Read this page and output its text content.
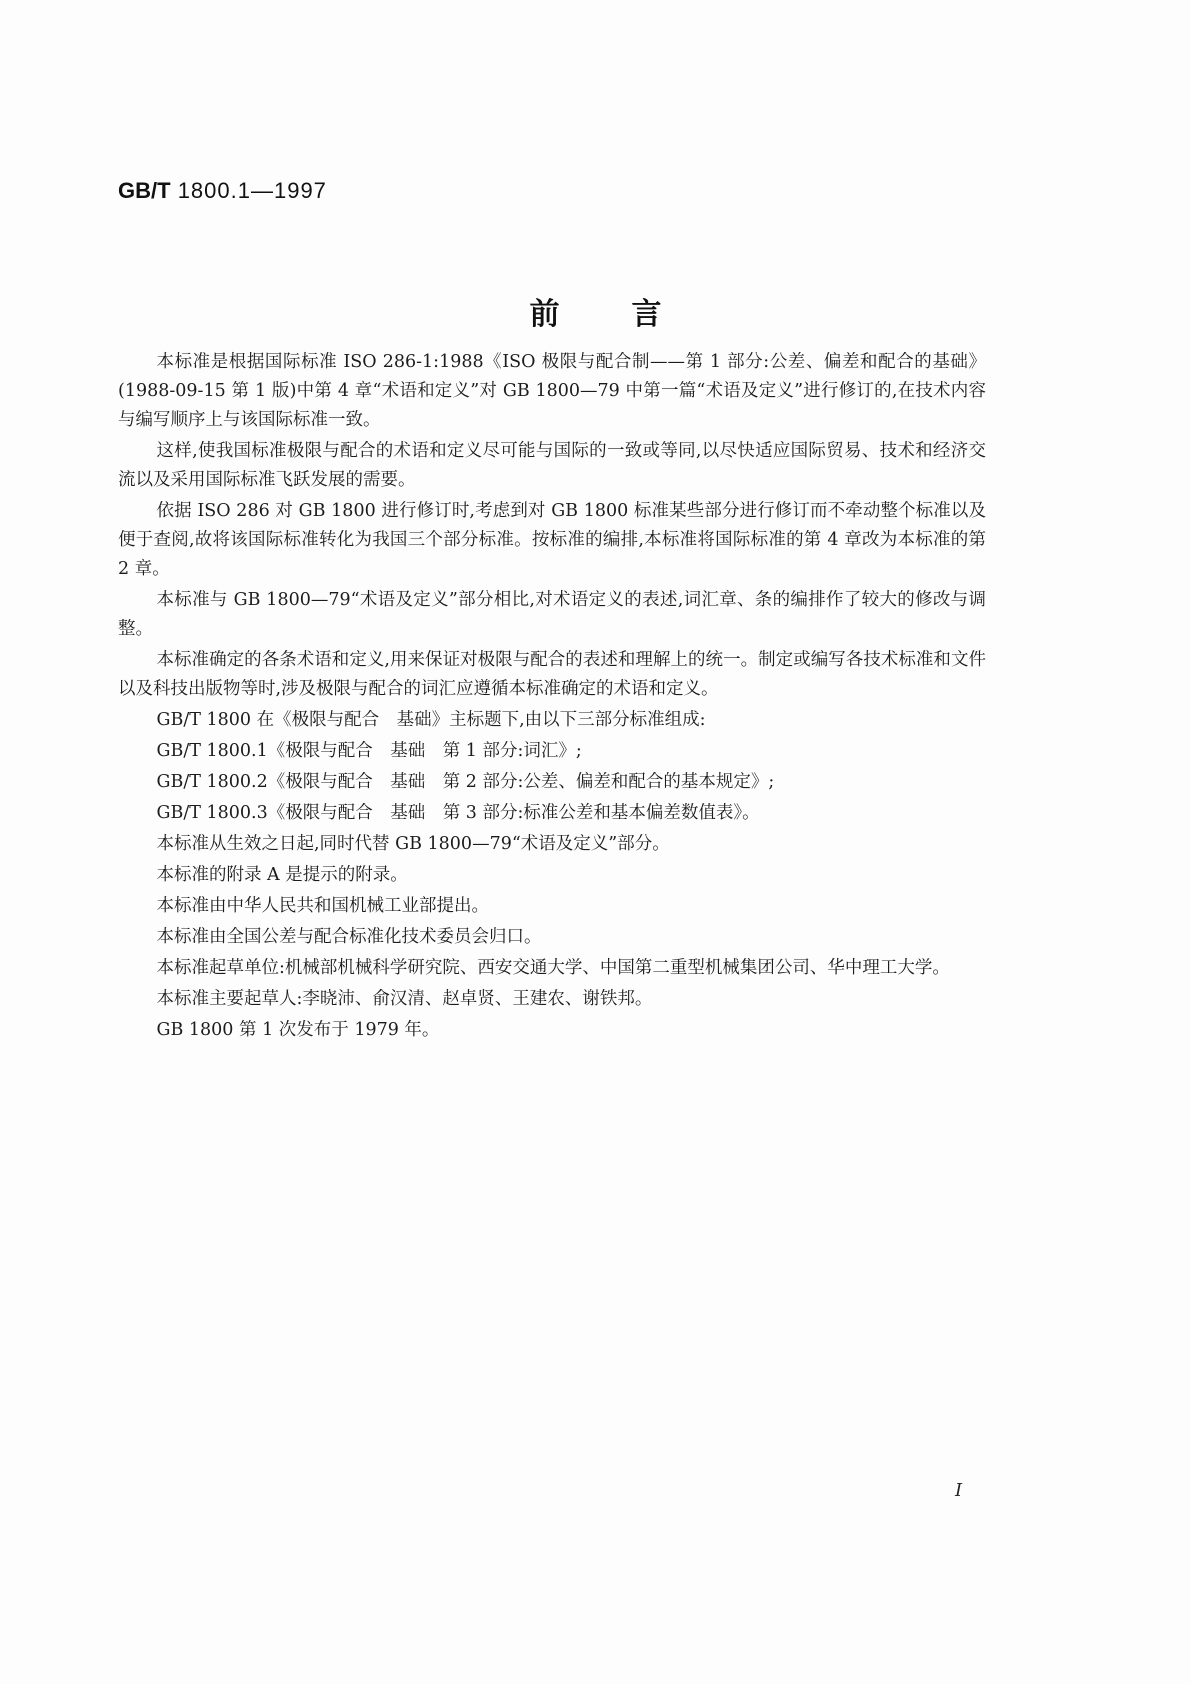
GB/T 1800.1—1997
前言

本标准是根据国际标准 ISO 286-1:1988《ISO 极限与配合制——第 1 部分:公差、偏差和配合的基础》(1988-09-15 第 1 版)中第 4 章“术语和定义”对 GB 1800—79 中第一篇“术语及定义”进行修订的,在技术内容与编写顺序上与该国际标准一致。

这样,使我国标准极限与配合的术语和定义尽可能与国际的一致或等同,以尽快适应国际贸易、技术和经济交流以及采用国际标准飞跃发展的需要。

依据 ISO 286 对 GB 1800 进行修订时,考虑到对 GB 1800 标准某些部分进行修订而不牵动整个标准以及便于查阅,故将该国际标准转化为我国三个部分标准。按标准的编排,本标准将国际标准的第 4 章改为本标准的第 2 章。

本标准与 GB 1800—79“术语及定义”部分相比,对术语定义的表述,词汇章、条的编排作了较大的修改与调整。

本标准确定的各条术语和定义,用来保证对极限与配合的表述和理解上的统一。制定或编写各技术标准和文件以及科技出版物等时,涉及极限与配合的词汇应遵循本标准确定的术语和定义。

GB/T 1800 在《极限与配合　基础》主标题下,由以下三部分标准组成:

GB/T 1800.1《极限与配合　基础　第 1 部分:词汇》;

GB/T 1800.2《极限与配合　基础　第 2 部分:公差、偏差和配合的基本规定》;

GB/T 1800.3《极限与配合　基础　第 3 部分:标准公差和基本偏差数值表》。

本标准从生效之日起,同时代替 GB 1800—79“术语及定义”部分。

本标准的附录 A 是提示的附录。

本标准由中华人民共和国机械工业部提出。

本标准由全国公差与配合标准化技术委员会归口。

本标准起草单位:机械部机械科学研究院、西安交通大学、中国第二重型机械集团公司、华中理工大学。

本标准主要起草人:李晓沛、俞汉清、赵卓贤、王建农、谢铁邦。

GB 1800 第 1 次发布于 1979 年。

I
